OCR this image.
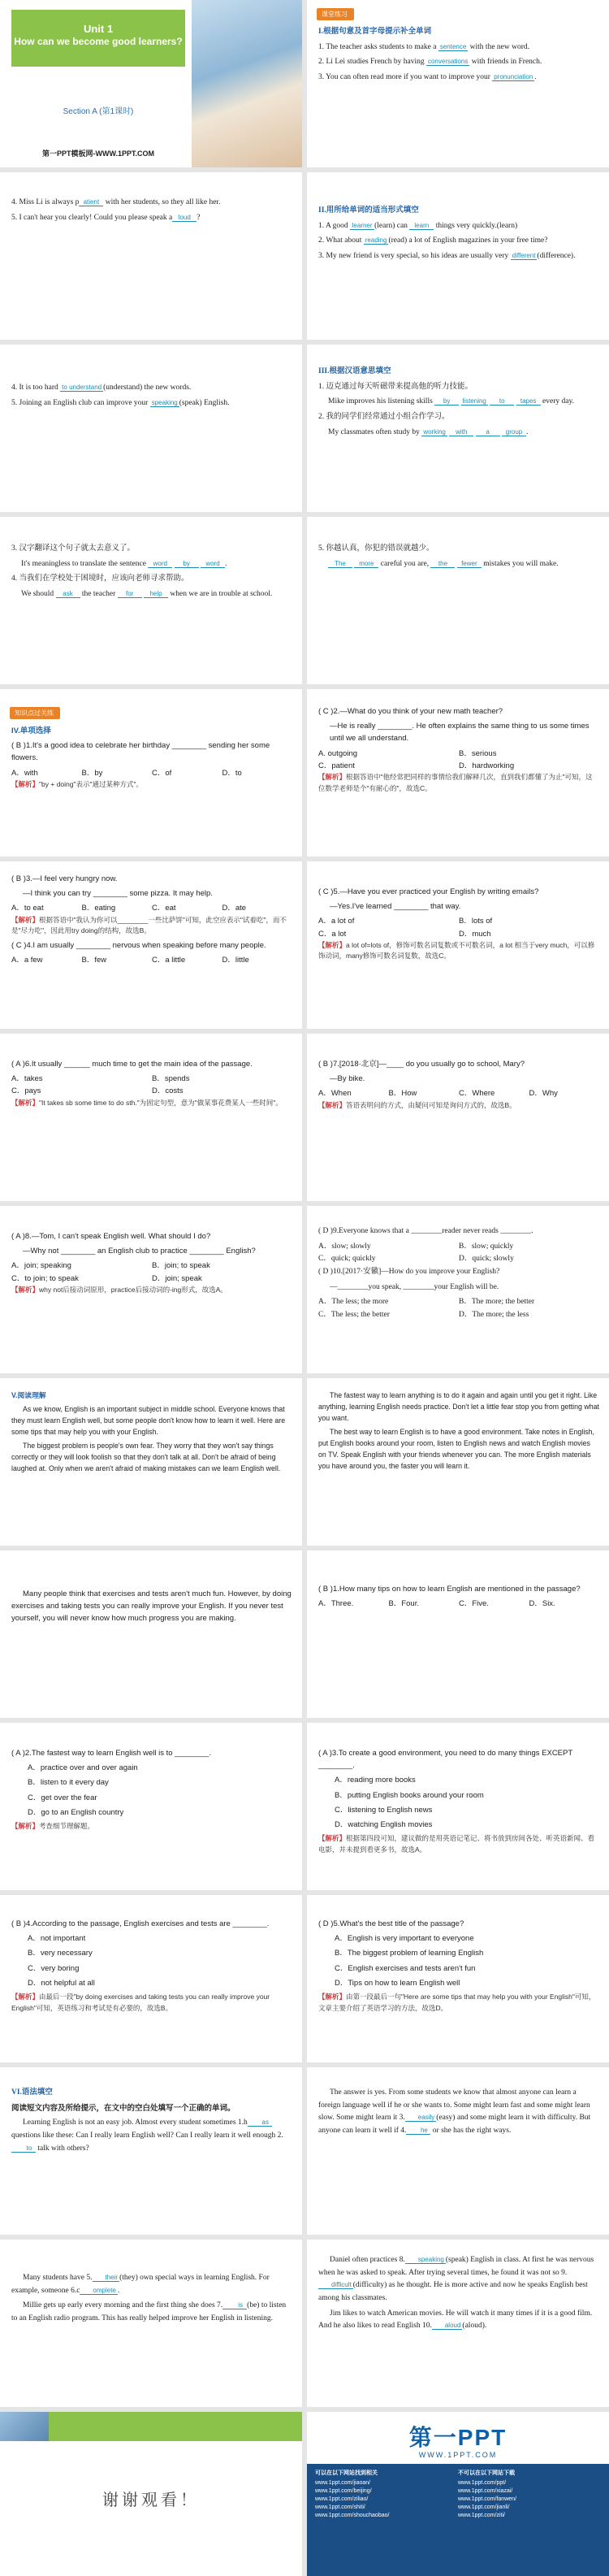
Unit 1
How can we become good learners?
Section A (第1课时)
第一PPT模板网-WWW.1PPT.COM
课堂练习

I.根据句意及首字母提示补全单词

1. The teacher asks students to make a sentence with the new word.

2. Li Lei studies French by having conversations with friends in French.

3. You can often read more if you want to improve your pronunciation .

4. Miss Li is always p atient with her students, so they all like her.

5. I can't hear you clearly! Could you please speak a loud ?

II.用所给单词的适当形式填空

1. A good learner (learn) can learn things very quickly.(learn)

2. What about reading (read) a lot of English magazines in your free time?

3. My new friend is very special, so his ideas are usually very different (difference).

4. It is too hard to understand (understand) the new words.

5. Joining an English club can improve your speaking (speak) English.

III.根据汉语意思填空

1. 迈克通过每天听磁带来提高他的听力技能。

Mike improves his listening skills by listening to tapes every day.

2. 我的同学们经常通过小组合作学习。

My classmates often study by working with	a group .

3. 汉字翻译这个句子就太去意义了。

It's meaningless to translate the sentence word by word .

4. 当我们在学校处于困境时，应该向老师寻求帮助。

We should ask the teacher for	help when we are in trouble at school.

5. 你越认真，你犯的错误就越少。

The more careful you are, the fewer mistakes you will make.

知识点过关练

IV.单项选择

( B )1.It's a good idea to celebrate her birthday ________ sending her some flowers.

A．with	B．by	C．of	D．to

【解析】"by + doing"表示"通过某种方式"。

( C )2.—What do you think of your new math teacher?

—He is really ________. He often explains the same thing to us some times until we all understand.

A. outgoing	B．serious
C．patient	D．hardworking

【解析】根据答语中"他经常把同样的事情给我们解释几次，直到我们都懂了为止"可知，这位数学老师是个"有耐心的"，故选C。

( B )3.—I feel very hungry now.

—I think you can try ________ some pizza. It may help.

A．to eat	B．eating	C．eat	D．ate

【解析】根据答语中"我认为你可以________一些比萨饼"可知，此空应表示"试着吃"，而不是"尽力吃"，因此用try doing的结构，故选B。

( C )4.I am usually ________ nervous when speaking before many people.

A．a few	B．few	C．a little	D．little

( C )5.—Have you ever practiced your English by writing emails?

—Yes.I've learned ________ that way.

A．a lot of	B．lots of
C．a lot	D．much

【解析】a lot of=lots of，修饰可数名词复数或不可数名词，a lot 相当于very much，可以修饰动词，many修饰可数名词复数，故选C。

( A )6.It usually ______ much time to get the main idea of the passage.

A．takes	B．spends
C．pays	D．costs

【解析】"It takes sb some time to do sth."为固定句型，意为"做某事花费某人一些时间"。

( B )7.[2018·北京]—____ do you usually go to school, Mary?

—By bike.

A．When	B．How	C．Where	D．Why

【解析】答语表明问的方式，由疑问可知是询问方式的，故选B。

( A )8.—Tom, I can't speak English well. What should I do?

—Why not ________ an English club to practice ________ English?

A．join; speaking	B．join; to speak
C．to join; to speak	D．join; speak

【解析】why not后接动词原形，practice后接动词的-ing形式，故选A。

( D )9.Everyone knows that a ________reader never reads ________.

A．slow; slowly	B．slow; quickly
C．quick; quickly	D．quick; slowly

( D )10.[2017·安徽]—How do you improve your English?

—________you speak, ________your English will be.

A．The less; the more	B．The more; the better
C．The less; the better	D．The more; the less

V.阅读理解

As we know, English is an important subject in middle school. Everyone knows that they must learn English well, but some people don't know how to learn it well. Here are some tips that may help you with your English.

The biggest problem is people's own fear. They worry that they won't say things correctly or they will look foolish so that they don't talk at all. Don't be afraid of being laughed at. Only when we aren't afraid of making mistakes can we learn English well.

The fastest way to learn anything is to do it again and again until you get it right. Like anything, learning English needs practice. Don't let a little fear stop you from getting what you want.

The best way to learn English is to have a good environment. Take notes in English, put English books around your room, listen to English news and watch English movies on TV. Speak English with your friends whenever you can. The more English materials you have around you, the faster you will learn it.

Many people think that exercises and tests aren't much fun. However, by doing exercises and taking tests you can really improve your English. If you never test yourself, you will never know how much progress you are making.

( B )1.How many tips on how to learn English are mentioned in the passage?

A．Three.	B．Four.	C．Five.	D．Six.

( A )2.The fastest way to learn English well is to ________.

A．practice over and over again

B．listen to it every day

C．get over the fear

D．go to an English country

【解析】考查细节理解题。

( A )3.To create a good environment, you need to do many things EXCEPT ________.

A．reading more books

B．putting English books around your room

C．listening to English news

D．watching English movies

【解析】根据第四段可知，建议做的是用英语记笔记、将书放到房间各处、听英语新闻、看电影，并未提到看更多书，故选A。

( B )4.According to the passage, English exercises and tests are ________.

A．not important

B．very necessary

C．very boring

D．not helpful at all

【解析】由最后一段"by doing exercises and taking tests you can really improve your English"可知，英语练习和考试是有必要的，故选B。

( D )5.What's the best title of the passage?

A．English is very important to everyone

B．The biggest problem of learning English

C．English exercises and tests aren't fun

D．Tips on how to learn English well

【解析】由第一段最后一句"Here are some tips that may help you with your English"可知，文章主要介绍了英语学习的方法，故选D。

VI.语法填空

阅读短文内容及所给提示，在文中的空白处填写一个正确的单词。

Learning English is not an easy job. Almost every student sometimes 1.h as questions like these: Can I really learn English well? Can I really learn it well enough 2.to talk with others?

The answer is yes. From some students we know that almost anyone can learn a foreign language well if he or she wants to. Some might learn fast and some might learn slow. Some might learn it 3. easily (easy) and some might learn it with difficulty. But anyone can learn it well if 4. he or she has the right ways.

Many students have 5. their (they) own special ways in learning English. For example, someone 6.c omplete .

Millie gets up early every morning and the first thing she does 7. is (be) to listen to an English radio program. This has really helped improve her English in listening.

Daniel often practices 8. speaking (speak) English in class. At first he was nervous when he was asked to speak. After trying several times, he found it was not so 9.difficult (difficulty) as he thought. He is more active and now he speaks English best among his classmates.

Jim likes to watch American movies. He will watch it many times if it is a good film. And he also likes to read English 10. aloud (aloud).

谢谢观看！
第一PPT
WWW.1PPT.COM
可以在以下网站找到相关	不可以在以下网站下载
www.1ppt.com/jiaoan/	www.1ppt.com/ppt/
www.1ppt.com/beijing/	www.1ppt.com/xiazai/
www.1ppt.com/ziliao/	www.1ppt.com/fanwen/
www.1ppt.com/shiti/	www.1ppt.com/jianli/
www.1ppt.com/shouchaobao/	www.1ppt.com/ziti/
